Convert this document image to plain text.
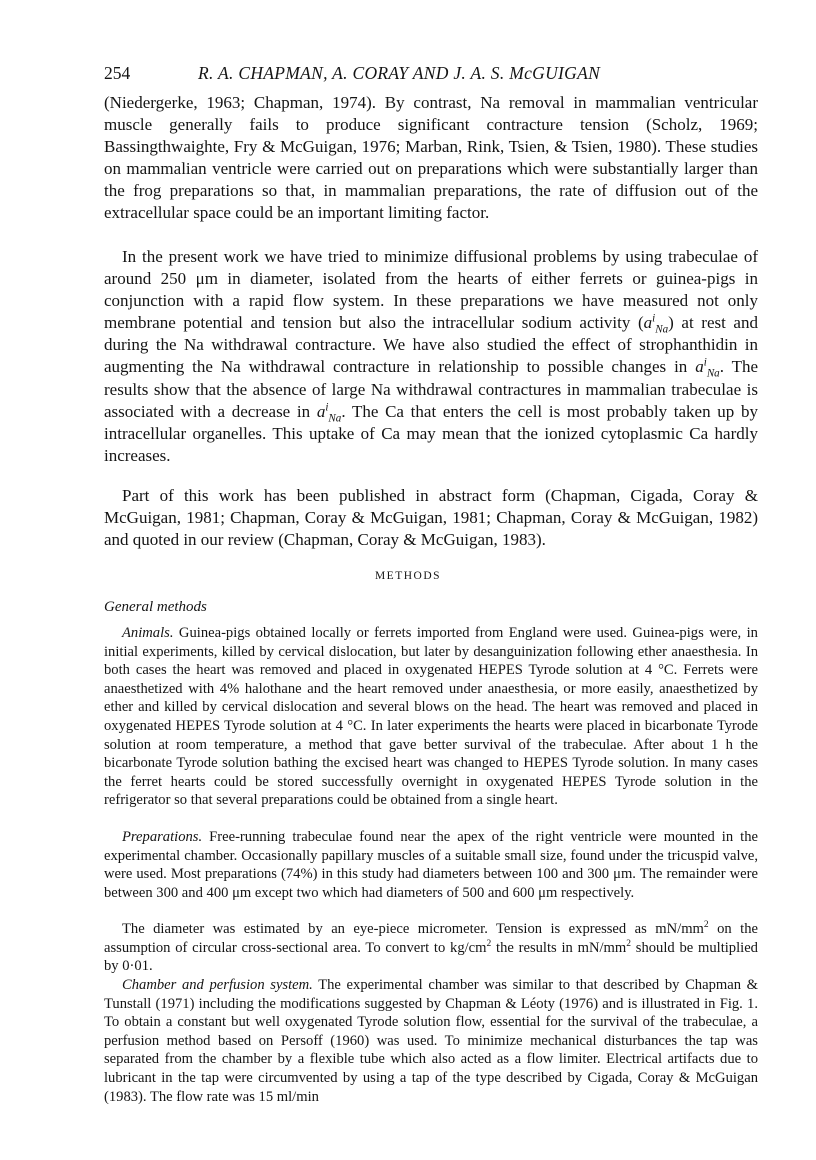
254	R. A. CHAPMAN, A. CORAY AND J. A. S. McGUIGAN

(Niedergerke, 1963; Chapman, 1974). By contrast, Na removal in mammalian ventricular muscle generally fails to produce significant contracture tension (Scholz, 1969; Bassingthwaighte, Fry & McGuigan, 1976; Marban, Rink, Tsien, & Tsien, 1980). These studies on mammalian ventricle were carried out on preparations which were substantially larger than the frog preparations so that, in mammalian preparations, the rate of diffusion out of the extracellular space could be an important limiting factor.

In the present work we have tried to minimize diffusional problems by using trabeculae of around 250 μm in diameter, isolated from the hearts of either ferrets or guinea-pigs in conjunction with a rapid flow system. In these preparations we have measured not only membrane potential and tension but also the intracellular sodium activity $(a^i_{Na})$ at rest and during the Na withdrawal contracture. We have also studied the effect of strophanthidin in augmenting the Na withdrawal contracture in relationship to possible changes in $a^i_{Na}$. The results show that the absence of large Na withdrawal contractures in mammalian trabeculae is associated with a decrease in $a^i_{Na}$. The Ca that enters the cell is most probably taken up by intracellular organelles. This uptake of Ca may mean that the ionized cytoplasmic Ca hardly increases.

Part of this work has been published in abstract form (Chapman, Cigada, Coray & McGuigan, 1981; Chapman, Coray & McGuigan, 1981; Chapman, Coray & McGuigan, 1982) and quoted in our review (Chapman, Coray & McGuigan, 1983).

METHODS
General methods

Animals. Guinea-pigs obtained locally or ferrets imported from England were used. Guinea-pigs were, in initial experiments, killed by cervical dislocation, but later by desanguinization following ether anaesthesia. In both cases the heart was removed and placed in oxygenated HEPES Tyrode solution at 4 °C. Ferrets were anaesthetized with 4% halothane and the heart removed under anaesthesia, or more easily, anaesthetized by ether and killed by cervical dislocation and several blows on the head. The heart was removed and placed in oxygenated HEPES Tyrode solution at 4 °C. In later experiments the hearts were placed in bicarbonate Tyrode solution at room temperature, a method that gave better survival of the trabeculae. After about 1 h the bicarbonate Tyrode solution bathing the excised heart was changed to HEPES Tyrode solution. In many cases the ferret hearts could be stored successfully overnight in oxygenated HEPES Tyrode solution in the refrigerator so that several preparations could be obtained from a single heart.

Preparations. Free-running trabeculae found near the apex of the right ventricle were mounted in the experimental chamber. Occasionally papillary muscles of a suitable small size, found under the tricuspid valve, were used. Most preparations (74%) in this study had diameters between 100 and 300 μm. The remainder were between 300 and 400 μm except two which had diameters of 500 and 600 μm respectively.

The diameter was estimated by an eye-piece micrometer. Tension is expressed as $mN/mm^2$ on the assumption of circular cross-sectional area. To convert to $kg/cm^2$ the results in $mN/mm^2$ should be multiplied by 0·01.

Chamber and perfusion system. The experimental chamber was similar to that described by Chapman & Tunstall (1971) including the modifications suggested by Chapman & Léoty (1976) and is illustrated in Fig. 1. To obtain a constant but well oxygenated Tyrode solution flow, essential for the survival of the trabeculae, a perfusion method based on Persoff (1960) was used. To minimize mechanical disturbances the tap was separated from the chamber by a flexible tube which also acted as a flow limiter. Electrical artifacts due to lubricant in the tap were circumvented by using a tap of the type described by Cigada, Coray & McGuigan (1983). The flow rate was 15 ml/min
